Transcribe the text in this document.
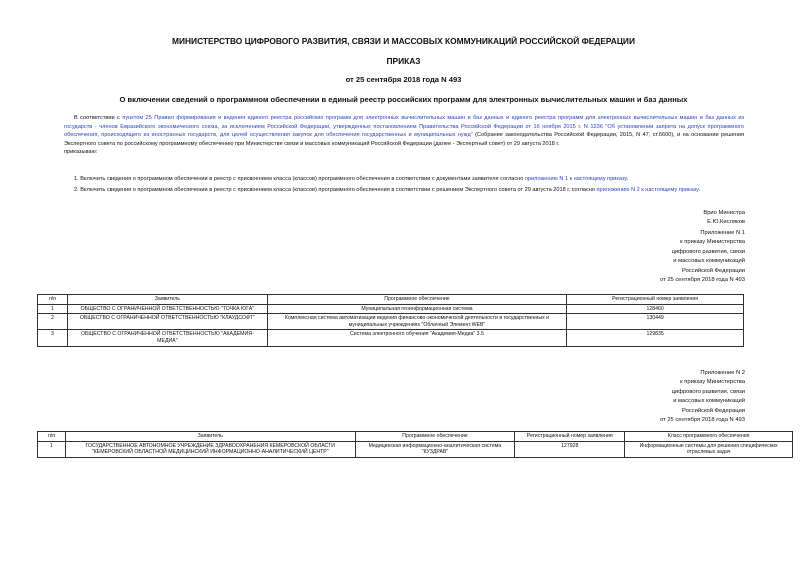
МИНИСТЕРСТВО ЦИФРОВОГО РАЗВИТИЯ, СВЯЗИ И МАССОВЫХ КОММУНИКАЦИЙ РОССИЙСКОЙ ФЕДЕРАЦИИ
ПРИКАЗ
от 25 сентября 2018 года N 493
О включении сведений о программном обеспечении в единый реестр российских программ для электронных вычислительных машин и баз данных
В соответствии с пунктом 25 Правил формирования и ведения единого реестра российских программ для электронных вычислительных машин и баз данных и единого реестра программ для электронных вычислительных машин и баз данных из государств - членов Евразийского экономического союза, за исключением Российской Федерации, утвержденных постановлением Правительства Российской Федерации от 16 ноября 2015 г. N 1236 "Об установлении запрета на допуск программного обеспечения, происходящего из иностранных государств, для целей осуществления закупок для обеспечения государственных и муниципальных нужд" (Собрание законодательства Российской Федерации, 2015, N 47, ст.6600), и на основании решения Экспертного совета по российскому программному обеспечению при Министерстве связи и массовых коммуникаций Российской Федерации (далее - Экспертный совет) от 29 августа 2018 г.
приказываю:
1. Включить сведения о программном обеспечении в реестр с присвоением класса (классов) программного обеспечения в соответствии с документами заявителя согласно приложению N 1 к настоящему приказу.
2. Включить сведения о программном обеспечении в реестр с присвоением класса (классов) программного обеспечения в соответствии с решением Экспертного совета от 29 августа 2018 г. согласно приложению N 2 к настоящему приказу.
Врио Министра
Е.Ю.Кисляков
Приложение N 1
к приказу Министерства
цифрового развития, связи
и массовых коммуникаций
Российской Федерации
от 25 сентября 2018 года N 493
п/п	Заявитель	Программное обеспечение	Регистрационный номер заявления
1	ОБЩЕСТВО С ОГРАНИЧЕННОЙ ОТВЕТСТВЕННОСТЬЮ "ТОЧКА ЮГА"	Муниципальная геоинформационная система	128460
2	ОБЩЕСТВО С ОГРАНИЧЕННОЙ ОТВЕТСТВЕННОСТЬЮ "КЛАУДСОФТ"	Комплексная система автоматизации ведения финансово-экономической деятельности в государственных и муниципальных учреждениях "Облачный Элемент.WEB"	130449
3	ОБЩЕСТВО С ОГРАНИЧЕННОЙ ОТВЕТСТВЕННОСТЬЮ "АКАДЕМИЯ-МЕДИА"	Система электронного обучения "Академия-Медиа" 3.5	129835
Приложение N 2
к приказу Министерства
цифрового развития, связи
и массовых коммуникаций
Российской Федерации
от 25 сентября 2018 года N 493
п/п	Заявитель	Программное обеспечение	Регистрационный номер заявления	Класс программного обеспечения
1	ГОСУДАРСТВЕННОЕ АВТОНОМНОЕ УЧРЕЖДЕНИЕ ЗДРАВООХРАНЕНИЯ КЕМЕРОВСКОЙ ОБЛАСТИ "КЕМЕРОВСКИЙ ОБЛАСТНОЙ МЕДИЦИНСКИЙ ИНФОРМАЦИОННО-АНАЛИТИЧЕСКИЙ ЦЕНТР"	Медицинская информационно-аналитическая система "КУЗДРАВ"	127928	Информационные системы для решения специфических отраслевых задач
